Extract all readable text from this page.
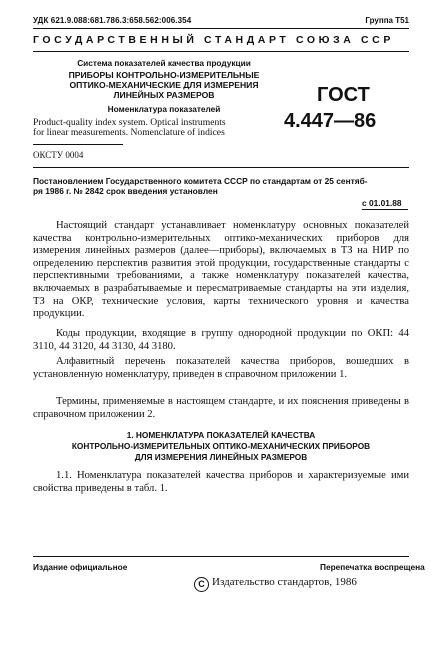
УДК 621.9.088:681.786.3:658.562:006.354	Группа Т51
ГОСУДАРСТВЕННЫЙ СТАНДАРТ СОЮЗА ССР
Система показателей качества продукции
ПРИБОРЫ КОНТРОЛЬНО-ИЗМЕРИТЕЛЬНЫЕ
ОПТИКО-МЕХАНИЧЕСКИЕ ДЛЯ ИЗМЕРЕНИЯ
ЛИНЕЙНЫХ РАЗМЕРОВ
Номенклатура показателей
Product-quality index system. Optical instruments
for linear measurements. Nomenclature of indices
ОКСТУ 0004
ГОСТ
4.447—86
Постановлением Государственного комитета СССР по стандартам от 25 сентяб-
ря 1986 г. № 2842 срок введения установлен
с 01.01.88

Настоящий стандарт устанавливает номенклатуру основных показателей качества контрольно-измерительных оптико-механических приборов для измерения линейных размеров (далее—приборы), включаемых в ТЗ на НИР по определению перспектив развития этой продукции, государственные стандарты с перспективными требованиями, а также номенклатуру показателей качества, включаемых в разрабатываемые и пересматриваемые стандарты на эти изделия, ТЗ на ОКР, технические условия, карты технического уровня и качества продукции.

Коды продукции, входящие в группу однородной продукции по ОКП: 44 3110, 44 3120, 44 3130, 44 3180.

Алфавитный перечень показателей качества приборов, вошедших в установленную номенклатуру, приведен в справочном приложении 1.

Термины, применяемые в настоящем стандарте, и их пояснения приведены в справочном приложении 2.

1. НОМЕНКЛАТУРА ПОКАЗАТЕЛЕЙ КАЧЕСТВА
КОНТРОЛЬНО-ИЗМЕРИТЕЛЬНЫХ ОПТИКО-МЕХАНИЧЕСКИХ ПРИБОРОВ
ДЛЯ ИЗМЕРЕНИЯ ЛИНЕЙНЫХ РАЗМЕРОВ

1.1. Номенклатура показателей качества приборов и характеризуемые ими свойства приведены в табл. 1.

Издание официальное	Перепечатка воспрещена
С Издательство стандартов, 1986
